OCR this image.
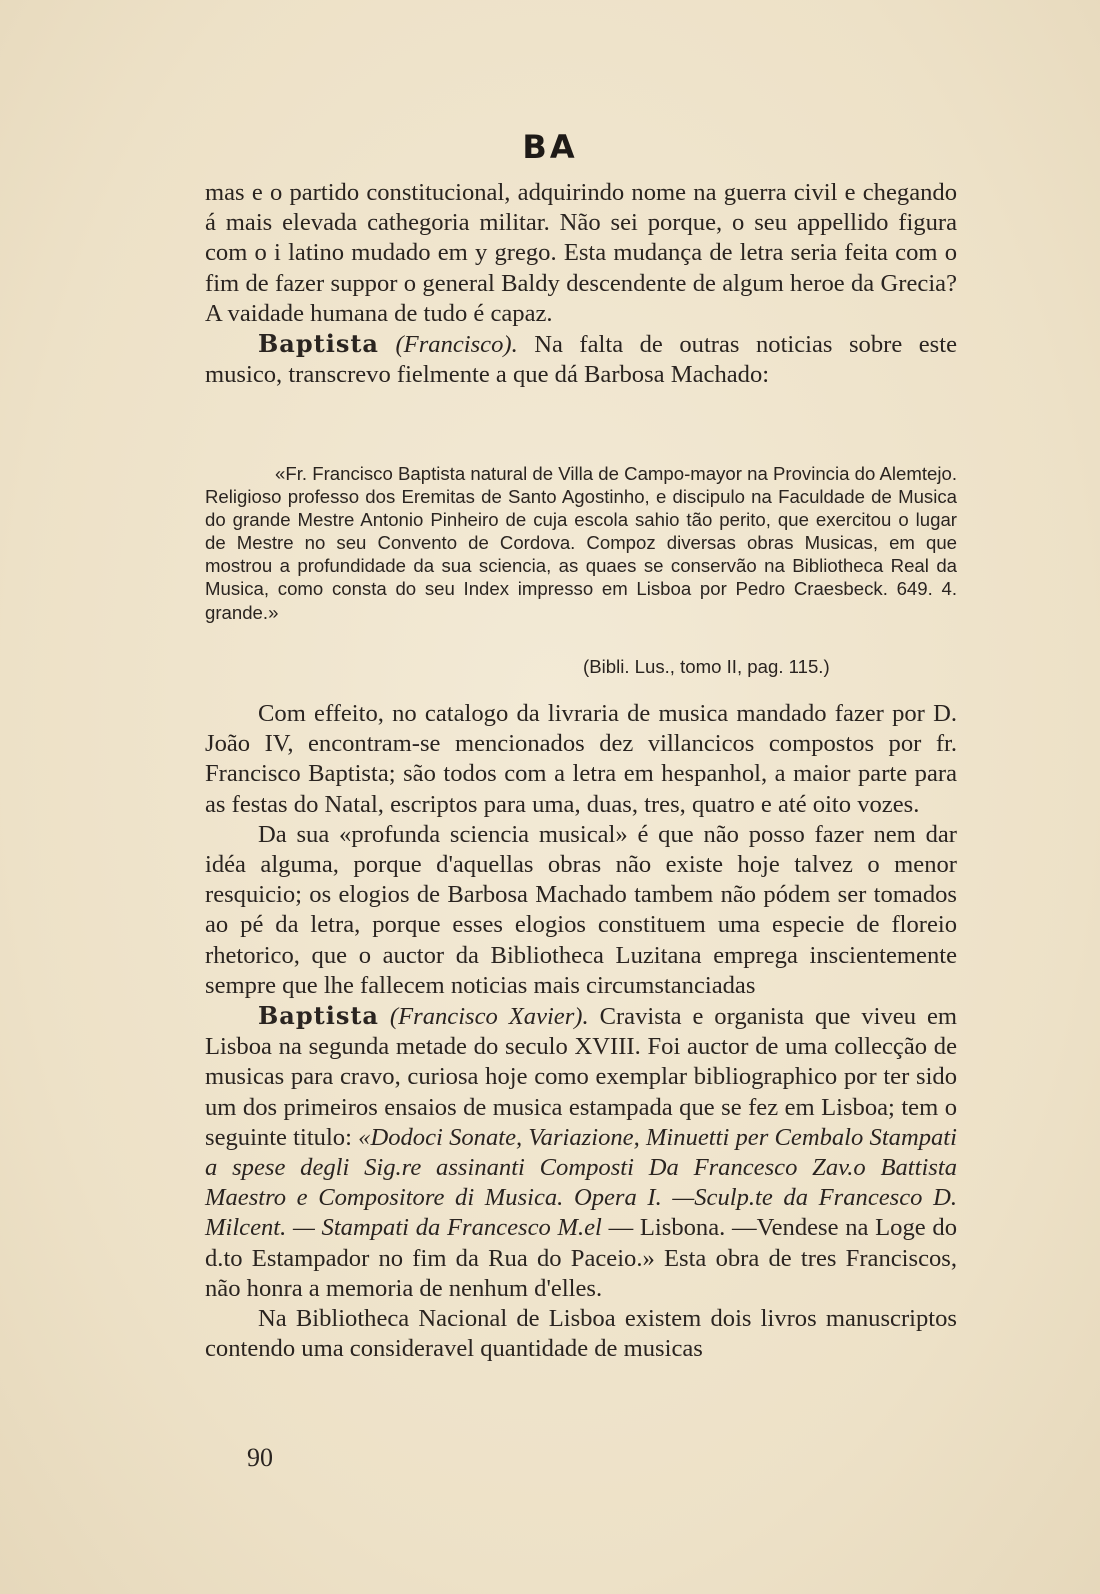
BA

mas e o partido constitucional, adquirindo nome na guerra civil e chegando á mais elevada cathegoria militar. Não sei porque, o seu appellido figura com o i latino mudado em y grego. Esta mudança de letra seria feita com o fim de fazer suppor o general Baldy descendente de algum heroe da Grecia? A vaidade humana de tudo é capaz.

Baptista (Francisco). Na falta de outras noticias sobre este musico, transcrevo fielmente a que dá Barbosa Machado:

«Fr. Francisco Baptista natural de Villa de Campo-mayor na Provincia do Alemtejo. Religioso professo dos Eremitas de Santo Agostinho, e discipulo na Faculdade de Musica do grande Mestre Antonio Pinheiro de cuja escola sahio tão perito, que exercitou o lugar de Mestre no seu Convento de Cordova. Compoz diversas obras Musicas, em que mostrou a profundidade da sua sciencia, as quaes se conservão na Bibliotheca Real da Musica, como consta do seu Index impresso em Lisboa por Pedro Craesbeck. 649. 4. grande.»

(Bibli. Lus., tomo II, pag. 115.)

Com effeito, no catalogo da livraria de musica mandado fazer por D. João IV, encontram-se mencionados dez villancicos compostos por fr. Francisco Baptista; são todos com a letra em hespanhol, a maior parte para as festas do Natal, escriptos para uma, duas, tres, quatro e até oito vozes.

Da sua «profunda sciencia musical» é que não posso fazer nem dar idéa alguma, porque d'aquellas obras não existe hoje talvez o menor resquicio; os elogios de Barbosa Machado tambem não pódem ser tomados ao pé da letra, porque esses elogios constituem uma especie de floreio rhetorico, que o auctor da Bibliotheca Luzitana emprega inscientemente sempre que lhe fallecem noticias mais circumstanciadas

Baptista (Francisco Xavier). Cravista e organista que viveu em Lisboa na segunda metade do seculo XVIII. Foi auctor de uma collecção de musicas para cravo, curiosa hoje como exemplar bibliographico por ter sido um dos primeiros ensaios de musica estampada que se fez em Lisboa; tem o seguinte titulo: «Dodoci Sonate, Variazione, Minuetti per Cembalo Stampati a spese degli Sig.re assinanti Composti Da Francesco Zav.o Battista Maestro e Compositore di Musica. Opera I. —Sculp.te da Francesco D. Milcent. — Stampati da Francesco M.el — Lisbona. —Vendese na Loge do d.to Estampador no fim da Rua do Paceio.» Esta obra de tres Franciscos, não honra a memoria de nenhum d'elles.

Na Bibliotheca Nacional de Lisboa existem dois livros manuscriptos contendo uma consideravel quantidade de musicas

90
